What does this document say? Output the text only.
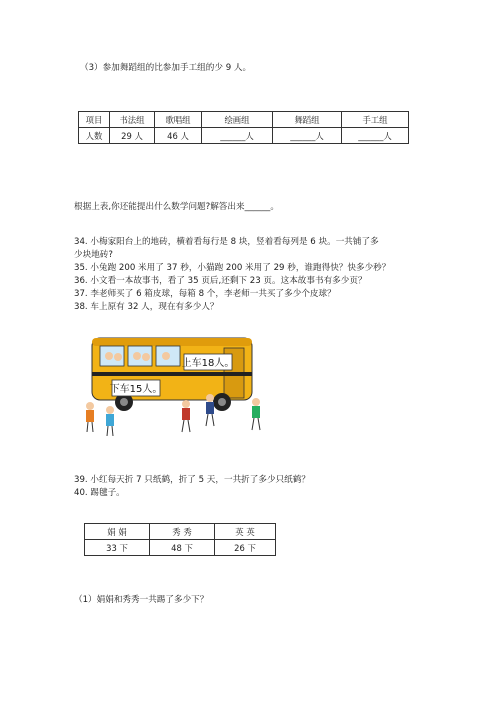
（3）参加舞蹈组的比参加手工组的少 9 人。
项目	书法组	歌唱组	绘画组	舞蹈组	手工组
人数	29 人	46 人	______人	______人	______人
根据上表,你还能提出什么数学问题?解答出来______。
34. 小梅家阳台上的地砖，横着看每行是 8 块，竖着看每列是 6 块。一共铺了多
少块地砖?
35. 小兔跑 200 米用了 37 秒，小猫跑 200 米用了 29 秒，谁跑得快？快多少秒？
36. 小文看一本故事书，看了 35 页后,还剩下 23 页。这本故事书有多少页？
37. 李老师买了 6 箱皮球，每箱 8 个，李老师一共买了多少个皮球？
38. 车上原有 32 人，现在有多少人？
上车18人。
下车15人。
39. 小红每天折 7 只纸鹤，折了 5 天，一共折了多少只纸鹤？
40. 踢毽子。
娟 娟	秀 秀	英 英
33 下	48 下	26 下
（1）娟娟和秀秀一共踢了多少下？
